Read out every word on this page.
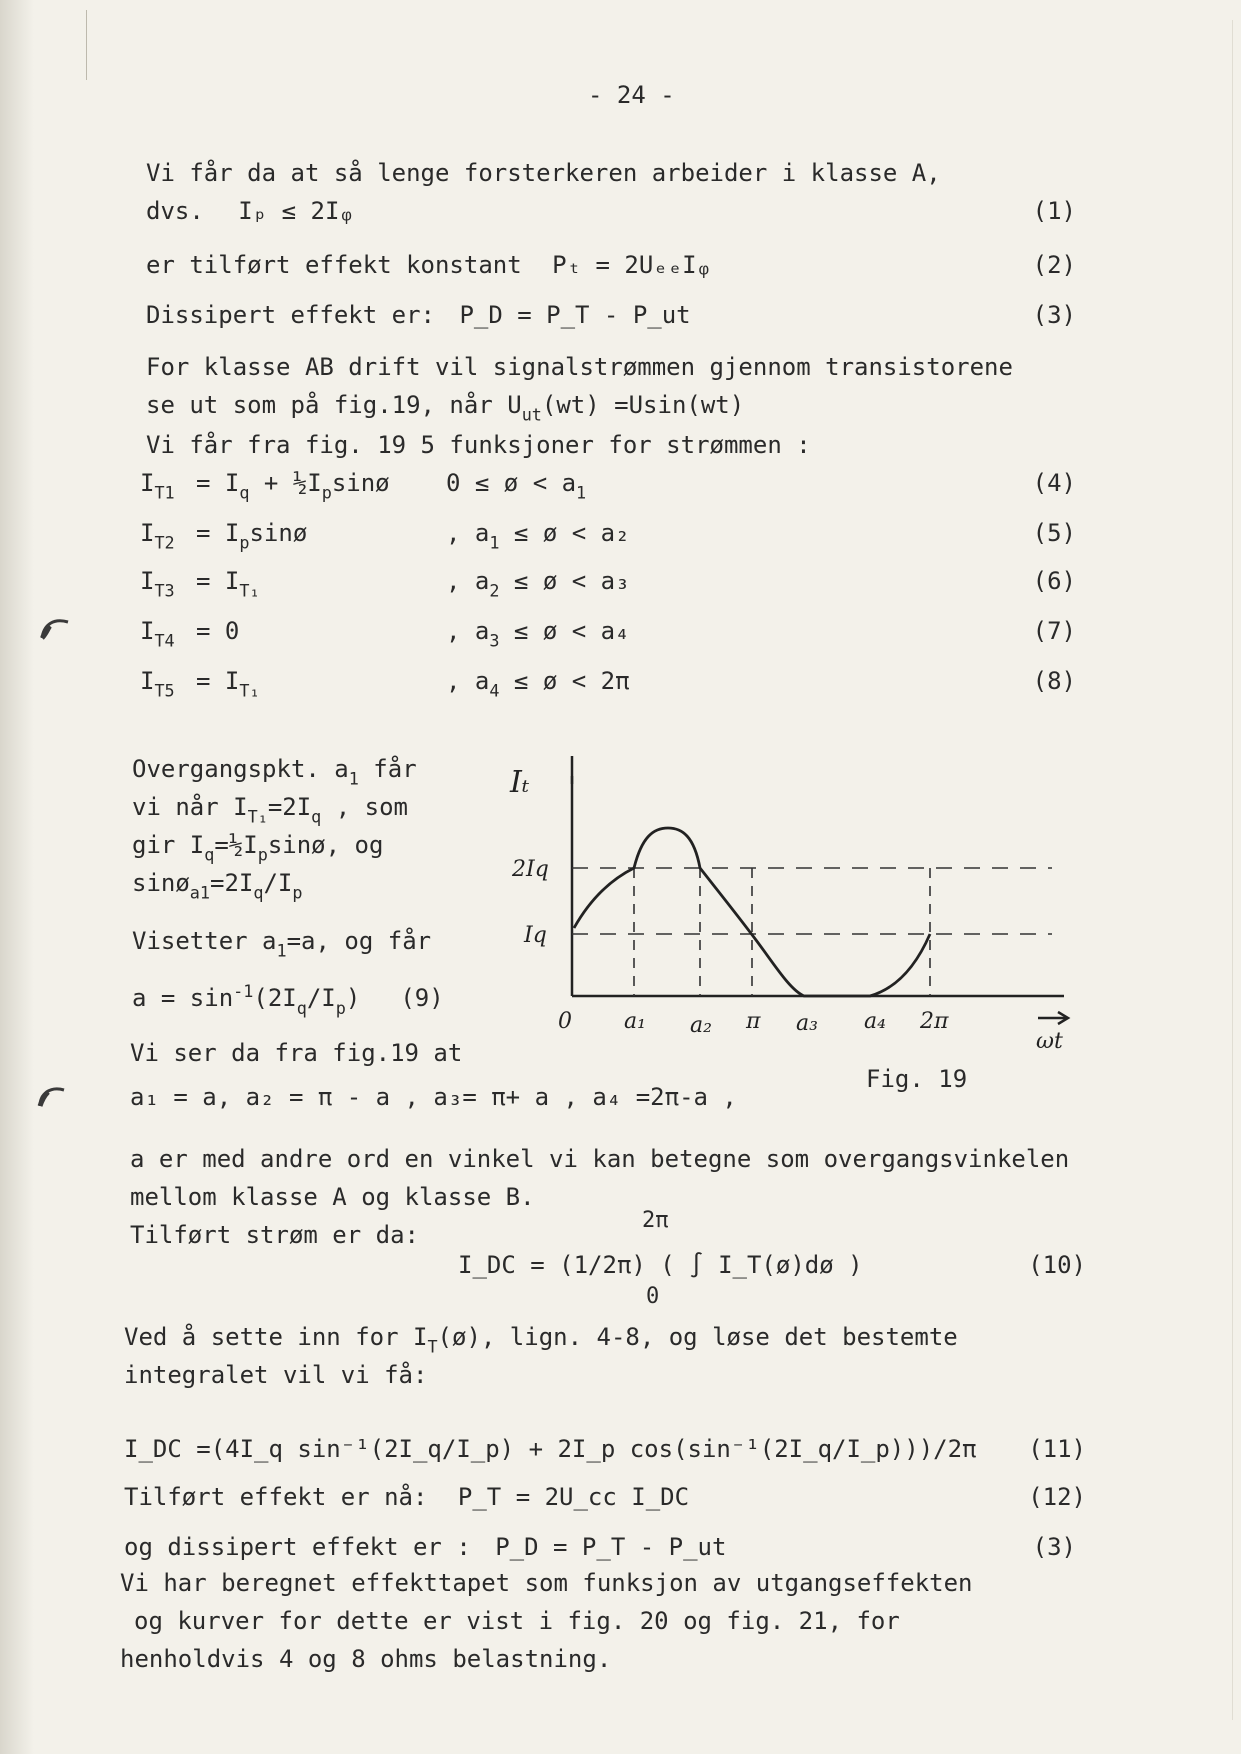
- 24 -
Vi får da at så lenge forsterkeren arbeider i klasse A,
dvs. Iₚ ≤ 2Iᵩ	(1)
er tilført effekt konstant Pₜ = 2UₑₑIᵩ	(2)
Dissipert effekt er: P_D = P_T - P_ut	(3)
For klasse AB drift vil signalstrømmen gjennom transistorene
se ut som på fig.19, når $U_{ut}(wt) =Usin(wt)$
Vi får fra fig. 19 5 funksjoner for strømmen :
$I_{T1} = I_q$ + $\frac{1}{2}I_p\sin ø$ 0 ≤ ø < $a_1$	(4)
$I_{T2}$ = $I_p\sin ø$	, $a_1$ ≤ ø < a₂	(5)
$I_{T3} = I_{T_1}$	, $a_2$ ≤ ø < a₃	(6)
$I_{T4} = 0$	, $a_3$ ≤ ø < a₄	(7)
$I_{T5} = I_{T_1}$	, $a_4$ ≤ ø < 2π	(8)
Overgangspkt. $a_1$ får
vi når $I_{T_1}=2I_q$ , som
gir $I_q=\frac{1}{2}I_p\sin ø$, og
$\sin ø_{a1}=2I_q/I_p$
Visetter $a_1=a$, og får
$a = \sin^{-1}(2I_q/I_p)$ (9)
Iₜ
2Iq
Iq
0 a₁ a₂ π a₃ a₄ 2π
ωt
Fig. 19
Vi ser da fra fig.19 at
a₁ = a, a₂ = π - a , a₃= π+ a , a₄ =2π-a ,
a er med andre ord en vinkel vi kan betegne som overgangsvinkelen
mellom klasse A og klasse B.
Tilført strøm er da:
2π
0
I_DC = (1/2π) ( ∫ I_T(ø)dø )	(10)
Ved å sette inn for $I_T(ø)$, lign. 4-8, og løse det bestemte
integralet vil vi få:
I_DC =(4I_q sin⁻¹(2I_q/I_p) + 2I_p cos(sin⁻¹(2I_q/I_p)))/2π (11)
Tilført effekt er nå: P_T = 2U_cc I_DC	(12)
og dissipert effekt er : P_D = P_T - P_ut	(3)
Vi har beregnet effekttapet som funksjon av utgangseffekten
og kurver for dette er vist i fig. 20 og fig. 21, for
henholdvis 4 og 8 ohms belastning.
